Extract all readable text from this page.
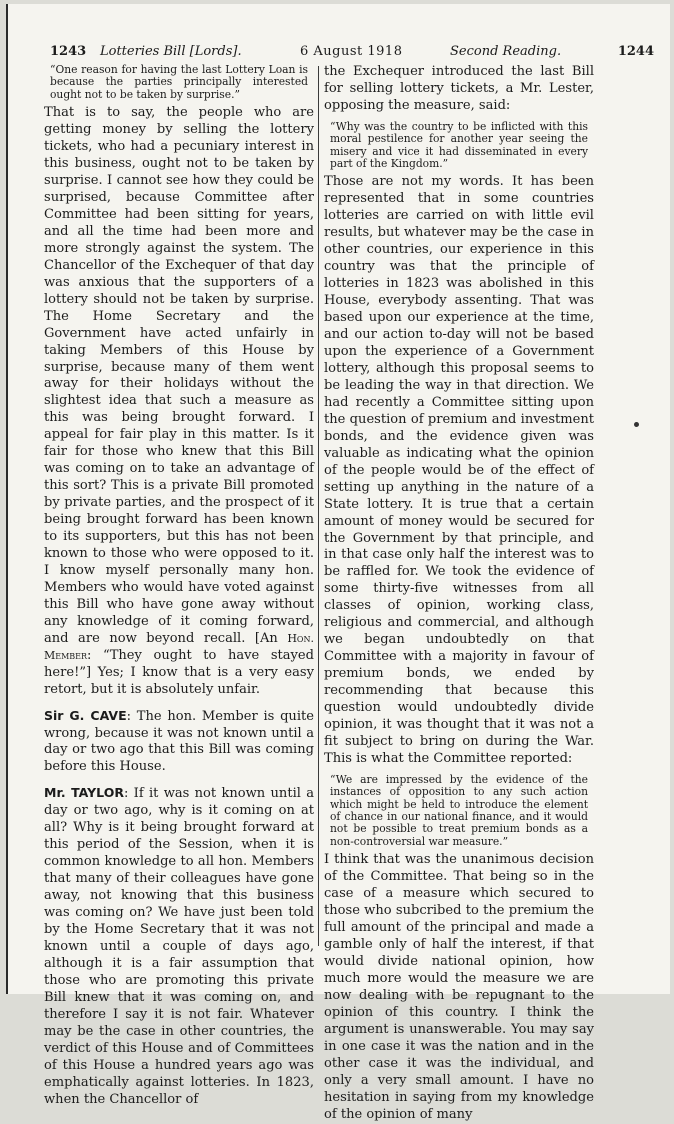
1243 Lotteries Bill [Lords].	6 August 1918	Second Reading.	1244

“One reason for having the last Lottery Loan is because the parties principally interested ought not to be taken by surprise.”

That is to say, the people who are getting money by selling the lottery tickets, who had a pecuniary interest in this business, ought not to be taken by surprise. I cannot see how they could be surprised, because Committee after Committee had been sitting for years, and all the time had been more and more strongly against the system. The Chancellor of the Exchequer of that day was anxious that the supporters of a lottery should not be taken by surprise. The Home Secretary and the Government have acted unfairly in taking Members of this House by surprise, because many of them went away for their holidays without the slightest idea that such a measure as this was being brought forward. I appeal for fair play in this matter. Is it fair for those who knew that this Bill was coming on to take an advantage of this sort? This is a private Bill promoted by private parties, and the prospect of it being brought forward has been known to its supporters, but this has not been known to those who were opposed to it. I know myself personally many hon. Members who would have voted against this Bill who have gone away without any knowledge of it coming forward, and are now beyond recall. [An Hon. Member: “They ought to have stayed here!”] Yes; I know that is a very easy retort, but it is absolutely unfair.

Sir G. CAVE: The hon. Member is quite wrong, because it was not known until a day or two ago that this Bill was coming before this House.

Mr. TAYLOR: If it was not known until a day or two ago, why is it coming on at all? Why is it being brought forward at this period of the Session, when it is common knowledge to all hon. Members that many of their colleagues have gone away, not knowing that this business was coming on? We have just been told by the Home Secretary that it was not known until a couple of days ago, although it is a fair assumption that those who are promoting this private Bill knew that it was coming on, and therefore I say it is not fair. Whatever may be the case in other countries, the verdict of this House and of Committees of this House a hundred years ago was emphatically against lotteries. In 1823, when the Chancellor of

the Exchequer introduced the last Bill for selling lottery tickets, a Mr. Lester, opposing the measure, said:

“Why was the country to be inflicted with this moral pestilence for another year seeing the misery and vice it had disseminated in every part of the Kingdom.”

Those are not my words. It has been represented that in some countries lotteries are carried on with little evil results, but whatever may be the case in other countries, our experience in this country was that the principle of lotteries in 1823 was abolished in this House, everybody assenting. That was based upon our experience at the time, and our action to-day will not be based upon the experience of a Government lottery, although this proposal seems to be leading the way in that direction. We had recently a Committee sitting upon the question of premium and investment bonds, and the evidence given was valuable as indicating what the opinion of the people would be of the effect of setting up anything in the nature of a State lottery. It is true that a certain amount of money would be secured for the Government by that principle, and in that case only half the interest was to be raffled for. We took the evidence of some thirty-five witnesses from all classes of opinion, working class, religious and commercial, and although we began undoubtedly on that Committee with a majority in favour of premium bonds, we ended by recommending that because this question would undoubtedly divide opinion, it was thought that it was not a fit subject to bring on during the War. This is what the Committee reported:

“We are impressed by the evidence of the instances of opposition to any such action which might be held to introduce the element of chance in our national finance, and it would not be possible to treat premium bonds as a non-controversial war measure.”

I think that was the unanimous decision of the Committee. That being so in the case of a measure which secured to those who subcribed to the premium the full amount of the principal and made a gamble only of half the interest, if that would divide national opinion, how much more would the measure we are now dealing with be repugnant to the opinion of this country. I think the argument is unanswerable. You may say in one case it was the nation and in the other case it was the individual, and only a very small amount. I have no hesitation in saying from my knowledge of the opinion of many
